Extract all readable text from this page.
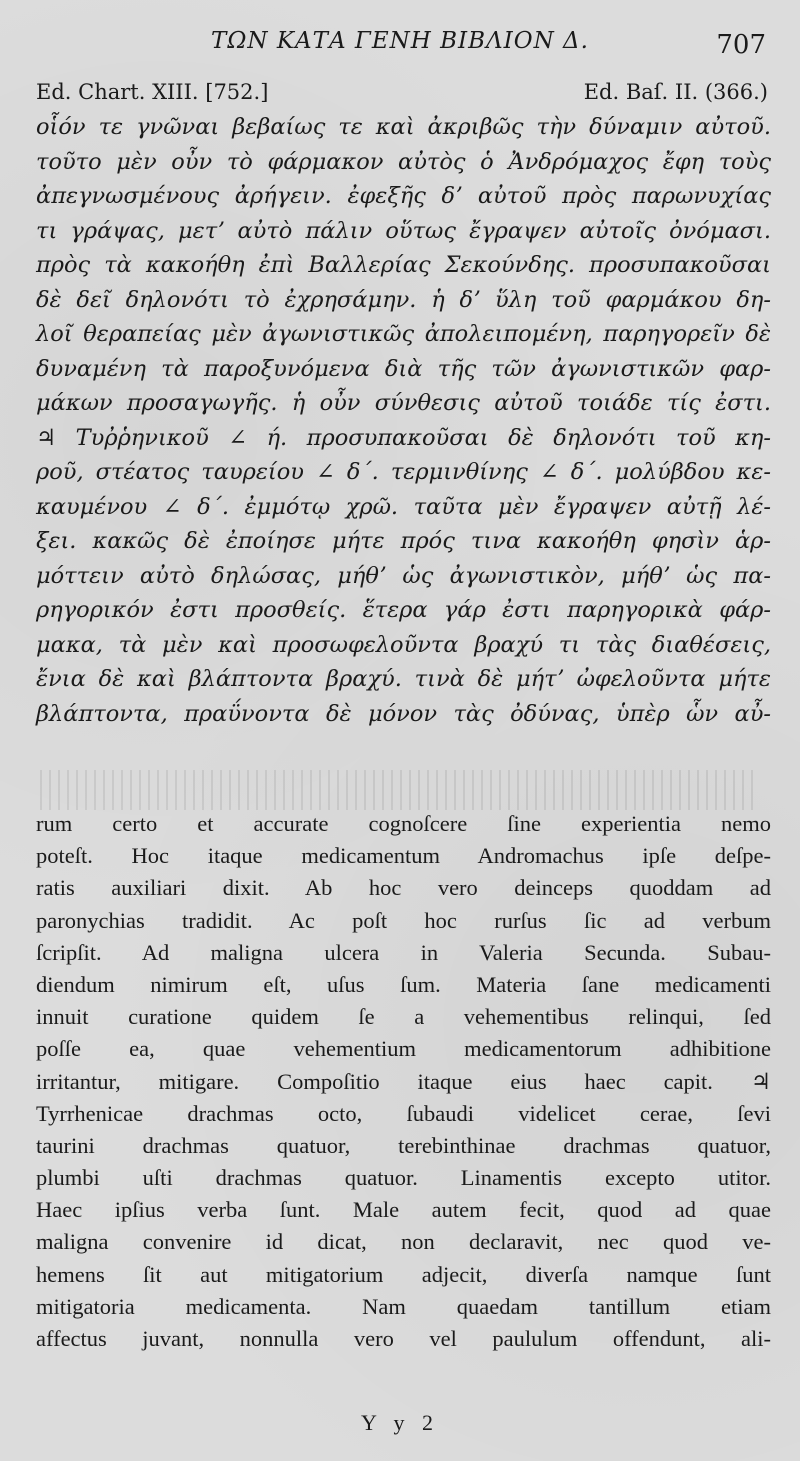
ΤΩΝ ΚΑΤΑ ΓΕΝΗ ΒΙΒΛΙΟΝ Δ.	707
Ed. Chart. XIII. [752.]	Ed. Baſ. II. (366.)
οἷόν τε γνῶναι βεβαίως τε καὶ ἀκριβῶς τὴν δύναμιν αὐτοῦ.
τοῦτο μὲν οὖν τὸ φάρμακον αὐτὸς ὁ Ἀνδρόμαχος ἔφη τοὺς
ἀπεγνωσμένους ἀρήγειν. ἐφεξῆς δʼ αὐτοῦ πρὸς παρωνυχίας
τι γράψας, μετʼ αὐτὸ πάλιν οὕτως ἔγραψεν αὐτοῖς ὀνόμασι.
πρὸς τὰ κακοήθη ἐπὶ Βαλλερίας Σεκούνδης. προσυπακοῦσαι
δὲ δεῖ δηλονότι τὸ ἐχρησάμην. ἡ δʼ ὕλη τοῦ φαρμάκου δη-
λοῖ θεραπείας μὲν ἀγωνιστικῶς ἀπολειπομένη, παρηγορεῖν δὲ
δυναμένη τὰ παροξυνόμενα διὰ τῆς τῶν ἀγωνιστικῶν φαρ-
μάκων προσαγωγῆς. ἡ οὖν σύνθεσις αὐτοῦ τοιάδε τίς ἐστι.
♃ Τυῤῥηνικοῦ ∠ ή. προσυπακοῦσαι δὲ δηλονότι τοῦ κη-
ροῦ, στέατος ταυρείου ∠ δ΄. τερμινθίνης ∠ δ΄. μολύβδου κε-
καυμένου ∠ δ΄. ἐμμότῳ χρῶ. ταῦτα μὲν ἔγραψεν αὐτῇ λέ-
ξει. κακῶς δὲ ἐποίησε μήτε πρός τινα κακοήθη φησὶν ἁρ-
μόττειν αὐτὸ δηλώσας, μήθʼ ὡς ἀγωνιστικὸν, μήθʼ ὡς πα-
ρηγορικόν ἐστι προσθείς. ἕτερα γάρ ἐστι παρηγορικὰ φάρ-
μακα, τὰ μὲν καὶ προσωφελοῦντα βραχύ τι τὰς διαθέσεις,
ἔνια δὲ καὶ βλάπτοντα βραχύ. τινὰ δὲ μήτʼ ὠφελοῦντα μήτε
βλάπτοντα, πραΰνοντα δὲ μόνον τὰς ὀδύνας, ὑπὲρ ὧν αὖ-
rum certo et accurate cognoſcere ſine experientia nemo
poteſt. Hoc itaque medicamentum Andromachus ipſe deſpe-
ratis auxiliari dixit. Ab hoc vero deinceps quoddam ad
paronychias tradidit. Ac poſt hoc rurſus ſic ad verbum
ſcripſit. Ad maligna ulcera in Valeria Secunda. Subau-
diendum nimirum eſt, uſus ſum. Materia ſane medicamenti
innuit curatione quidem ſe a vehementibus relinqui, ſed
poſſe ea, quae vehementium medicamentorum adhibitione
irritantur, mitigare. Compoſitio itaque eius haec capit. ♃
Tyrrhenicae drachmas octo, ſubaudi videlicet cerae, ſevi
taurini drachmas quatuor, terebinthinae drachmas quatuor,
plumbi uſti drachmas quatuor. Linamentis excepto utitor.
Haec ipſius verba ſunt. Male autem fecit, quod ad quae
maligna convenire id dicat, non declaravit, nec quod ve-
hemens ſit aut mitigatorium adjecit, diverſa namque ſunt
mitigatoria medicamenta. Nam quaedam tantillum etiam
affectus juvant, nonnulla vero vel paululum offendunt, ali-
Y y 2
